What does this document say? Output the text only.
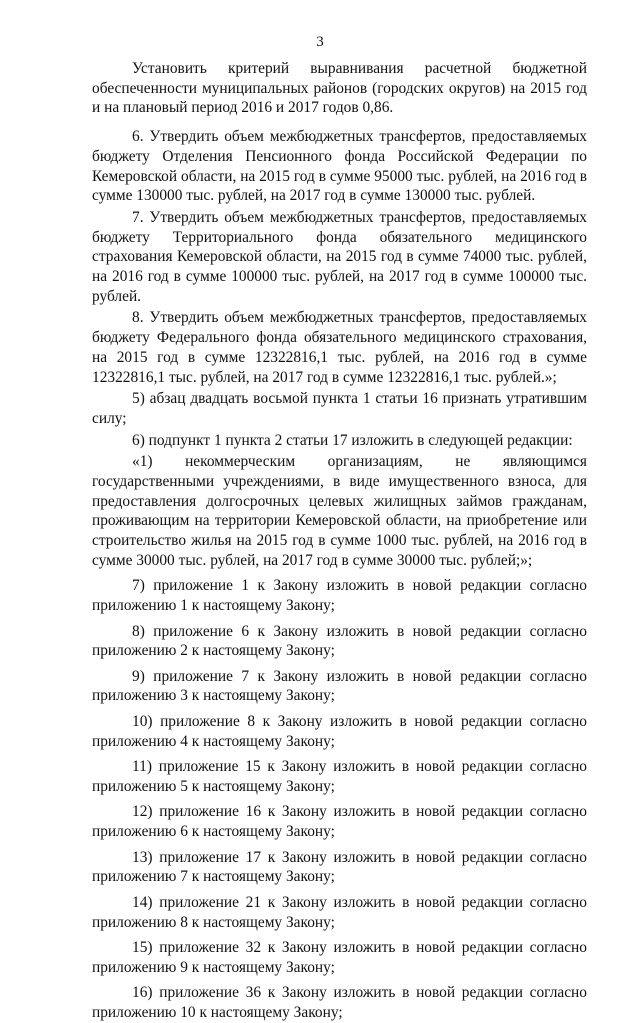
3

Установить критерий выравнивания расчетной бюджетной обеспеченности муниципальных районов (городских округов) на 2015 год и на плановый период 2016 и 2017 годов 0,86.

6. Утвердить объем межбюджетных трансфертов, предоставляемых бюджету Отделения Пенсионного фонда Российской Федерации по Кемеровской области, на 2015 год в сумме 95000 тыс. рублей, на 2016 год в сумме 130000 тыс. рублей, на 2017 год в сумме 130000 тыс. рублей.

7. Утвердить объем межбюджетных трансфертов, предоставляемых бюджету Территориального фонда обязательного медицинского страхования Кемеровской области, на 2015 год в сумме 74000 тыс. рублей, на 2016 год в сумме 100000 тыс. рублей, на 2017 год в сумме 100000 тыс. рублей.

8. Утвердить объем межбюджетных трансфертов, предоставляемых бюджету Федерального фонда обязательного медицинского страхования, на 2015 год в сумме 12322816,1 тыс. рублей, на 2016 год в сумме 12322816,1 тыс. рублей, на 2017 год в сумме 12322816,1 тыс. рублей.»;

5) абзац двадцать восьмой пункта 1 статьи 16 признать утратившим силу;

6) подпункт 1 пункта 2 статьи 17 изложить в следующей редакции:

«1) некоммерческим организациям, не являющимся государственными учреждениями, в виде имущественного взноса, для предоставления долгосрочных целевых жилищных займов гражданам, проживающим на территории Кемеровской области, на приобретение или строительство жилья на 2015 год в сумме 1000 тыс. рублей, на 2016 год в сумме 30000 тыс. рублей, на 2017 год в сумме 30000 тыс. рублей;»;

7) приложение 1 к Закону изложить в новой редакции согласно приложению 1 к настоящему Закону;

8) приложение 6 к Закону изложить в новой редакции согласно приложению 2 к настоящему Закону;

9) приложение 7 к Закону изложить в новой редакции согласно приложению 3 к настоящему Закону;

10) приложение 8 к Закону изложить в новой редакции согласно приложению 4 к настоящему Закону;

11) приложение 15 к Закону изложить в новой редакции согласно приложению 5 к настоящему Закону;

12) приложение 16 к Закону изложить в новой редакции согласно приложению 6 к настоящему Закону;

13) приложение 17 к Закону изложить в новой редакции согласно приложению 7 к настоящему Закону;

14) приложение 21 к Закону изложить в новой редакции согласно приложению 8 к настоящему Закону;

15) приложение 32 к Закону изложить в новой редакции согласно приложению 9 к настоящему Закону;

16) приложение 36 к Закону изложить в новой редакции согласно приложению 10 к настоящему Закону;
